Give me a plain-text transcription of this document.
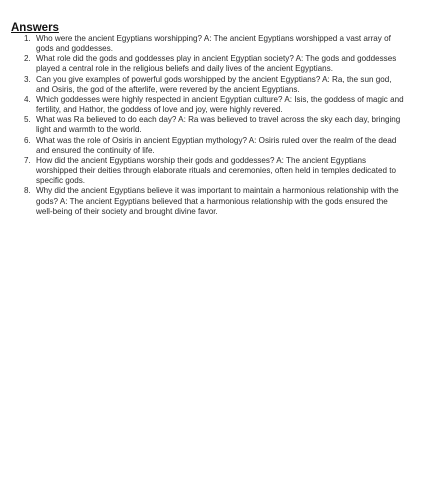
Answers
1. Who were the ancient Egyptians worshipping? A: The ancient Egyptians worshipped a vast array of gods and goddesses.
2. What role did the gods and goddesses play in ancient Egyptian society? A: The gods and goddesses played a central role in the religious beliefs and daily lives of the ancient Egyptians.
3. Can you give examples of powerful gods worshipped by the ancient Egyptians? A: Ra, the sun god, and Osiris, the god of the afterlife, were revered by the ancient Egyptians.
4. Which goddesses were highly respected in ancient Egyptian culture? A: Isis, the goddess of magic and fertility, and Hathor, the goddess of love and joy, were highly revered.
5. What was Ra believed to do each day? A: Ra was believed to travel across the sky each day, bringing light and warmth to the world.
6. What was the role of Osiris in ancient Egyptian mythology? A: Osiris ruled over the realm of the dead and ensured the continuity of life.
7. How did the ancient Egyptians worship their gods and goddesses? A: The ancient Egyptians worshipped their deities through elaborate rituals and ceremonies, often held in temples dedicated to specific gods.
8. Why did the ancient Egyptians believe it was important to maintain a harmonious relationship with the gods? A: The ancient Egyptians believed that a harmonious relationship with the gods ensured the well-being of their society and brought divine favor.
